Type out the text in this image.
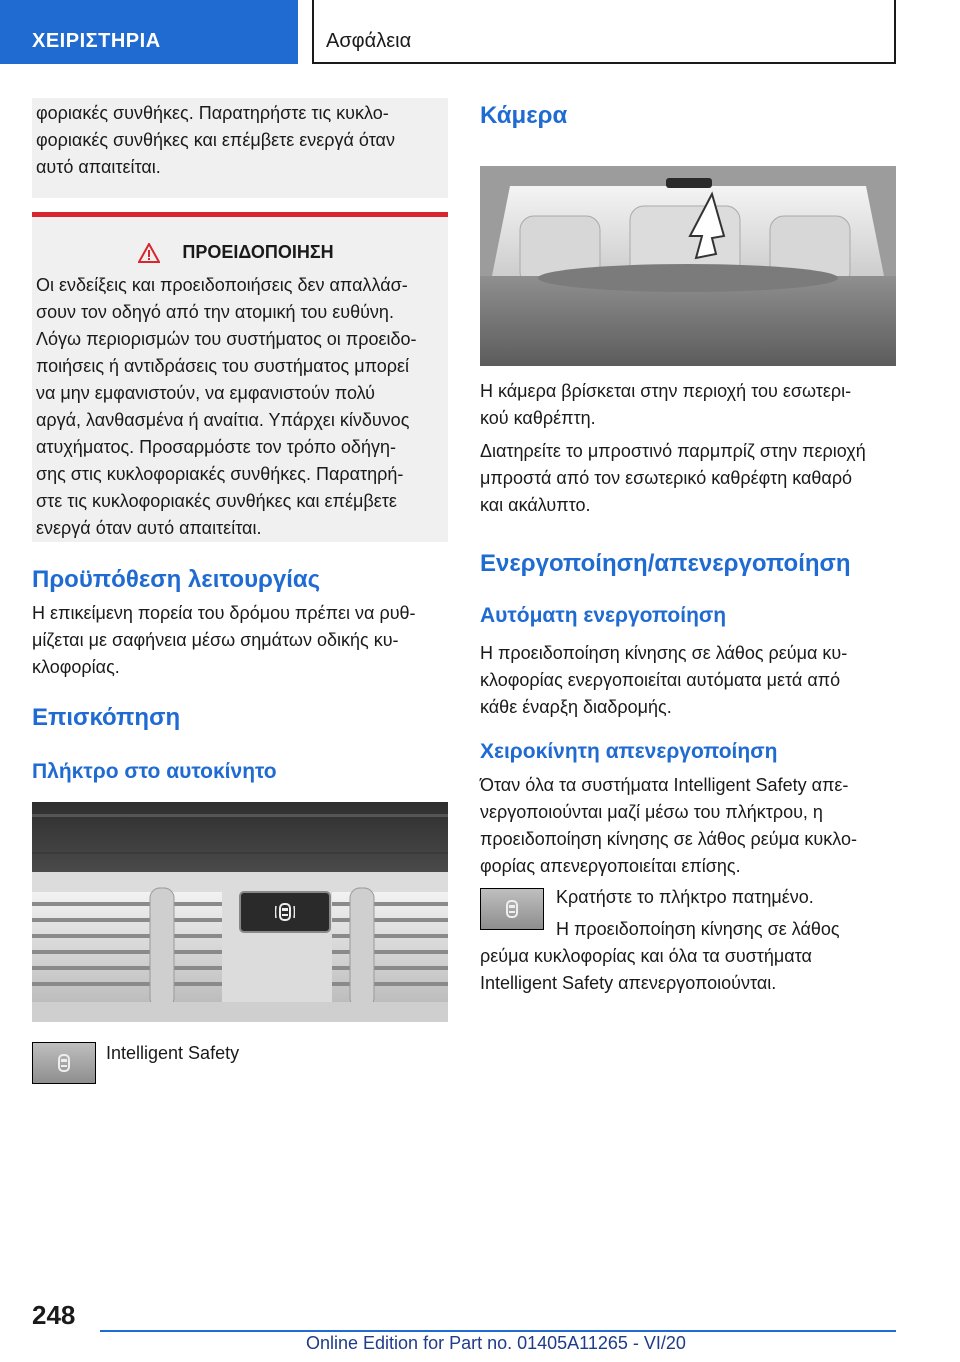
ΧΕΙΡΙΣΤΗΡΙΑ	Ασφάλεια

φοριακές συνθήκες. Παρατηρήστε τις κυκλο-

φοριακές συνθήκες και επέμβετε ενεργά όταν

αυτό απαιτείται.

ΠΡΟΕΙΔΟΠΟΙΗΣΗ

Οι ενδείξεις και προειδοποιήσεις δεν απαλλάσ-

σουν τον οδηγό από την ατομική του ευθύνη.

Λόγω περιορισμών του συστήματος οι προειδο-

ποιήσεις ή αντιδράσεις του συστήματος μπορεί

να μην εμφανιστούν, να εμφανιστούν πολύ

αργά, λανθασμένα ή αναίτια. Υπάρχει κίνδυνος

ατυχήματος. Προσαρμόστε τον τρόπο οδήγη-

σης στις κυκλοφοριακές συνθήκες. Παρατηρή-

στε τις κυκλοφοριακές συνθήκες και επέμβετε

ενεργά όταν αυτό απαιτείται.

Προϋπόθεση λειτουργίας

Η επικείμενη πορεία του δρόμου πρέπει να ρυθ-

μίζεται με σαφήνεια μέσω σημάτων οδικής κυ-

κλοφορίας.

Επισκόπηση
Πλήκτρο στο αυτοκίνητο
Intelligent Safety
Κάμερα

Η κάμερα βρίσκεται στην περιοχή του εσωτερι-

κού καθρέπτη.

Διατηρείτε το μπροστινό παρμπρίζ στην περιοχή

μπροστά από τον εσωτερικό καθρέφτη καθαρό

και ακάλυπτο.

Ενεργοποίηση/απενεργοποίηση
Αυτόματη ενεργοποίηση

Η προειδοποίηση κίνησης σε λάθος ρεύμα κυ-

κλοφορίας ενεργοποιείται αυτόματα μετά από

κάθε έναρξη διαδρομής.

Χειροκίνητη απενεργοποίηση

Όταν όλα τα συστήματα Intelligent Safety απε-

νεργοποιούνται μαζί μέσω του πλήκτρου, η

προειδοποίηση κίνησης σε λάθος ρεύμα κυκλο-

φορίας απενεργοποιείται επίσης.

Κρατήστε το πλήκτρο πατημένο.

Η προειδοποίηση κίνησης σε λάθος

ρεύμα κυκλοφορίας και όλα τα συστήματα

Intelligent Safety απενεργοποιούνται.

248
Online Edition for Part no. 01405A11265 - VI/20
